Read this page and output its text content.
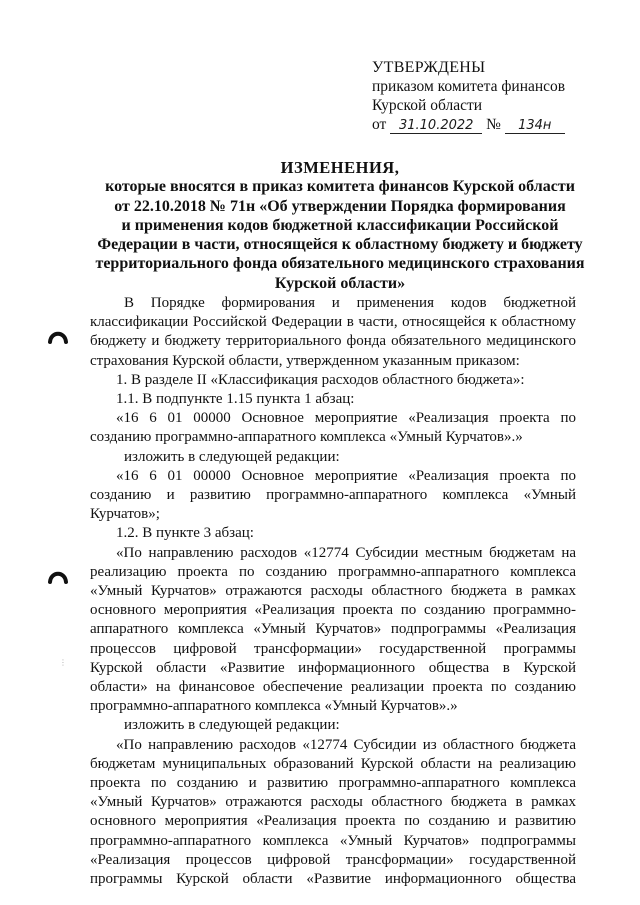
УТВЕРЖДЕНЫ
приказом комитета финансов
Курской области
от 31.10.2022 № 134н
ИЗМЕНЕНИЯ,
которые вносятся в приказ комитета финансов Курской области
от 22.10.2018 № 71н «Об утверждении Порядка формирования
и применения кодов бюджетной классификации Российской
Федерации в части, относящейся к областному бюджету и бюджету
территориального фонда обязательного медицинского страхования
Курской области»

В Порядке формирования и применения кодов бюджетной классификации Российской Федерации в части, относящейся к областному бюджету и бюджету территориального фонда обязательного медицинского страхования Курской области, утвержденном указанным приказом:

1. В разделе II «Классификация расходов областного бюджета»:

1.1. В подпункте 1.15 пункта 1 абзац:

«16 6 01 00000 Основное мероприятие «Реализация проекта по созданию программно-аппаратного комплекса «Умный Курчатов».»

изложить в следующей редакции:

«16 6 01 00000 Основное мероприятие «Реализация проекта по созданию и развитию программно-аппаратного комплекса «Умный Курчатов»;

1.2. В пункте 3 абзац:

«По направлению расходов «12774 Субсидии местным бюджетам на реализацию проекта по созданию программно-аппаратного комплекса «Умный Курчатов» отражаются расходы областного бюджета в рамках основного мероприятия «Реализация проекта по созданию программно-аппаратного комплекса «Умный Курчатов» подпрограммы «Реализация процессов цифровой трансформации» государственной программы Курской области «Развитие информационного общества в Курской области» на финансовое обеспечение реализации проекта по созданию программно-аппаратного комплекса «Умный Курчатов».»

изложить в следующей редакции:

«По направлению расходов «12774 Субсидии из областного бюджета бюджетам муниципальных образований Курской области на реализацию проекта по созданию и развитию программно-аппаратного комплекса «Умный Курчатов» отражаются расходы областного бюджета в рамках основного мероприятия «Реализация проекта по созданию и развитию программно-аппаратного комплекса «Умный Курчатов» подпрограммы «Реализация процессов цифровой трансформации» государственной программы Курской области «Развитие информационного общества

⋮
